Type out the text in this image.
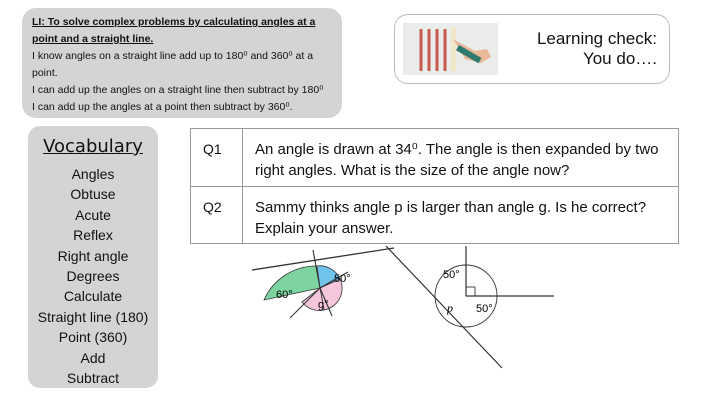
LI: To solve complex problems by calculating angles at a point and a straight line.
I know angles on a straight line add up to 180⁰ and 360⁰ at a point.
I can add up the angles on a straight line then subtract by 180⁰
I can add up the angles at a point then subtract by 360⁰.
Learning check:
You do….
Vocabulary
Angles
Obtuse
Acute
Reflex
Right angle
Degrees
Calculate
Straight line (180)
Point (360)
Add
Subtract
Q1	An angle is drawn at 34⁰. The angle is then expanded by two right angles. What is the size of the angle now?
Q2	Sammy thinks angle p is larger than angle g. Is he correct? Explain your answer.
60°
50°
g°
50°
50°
p
